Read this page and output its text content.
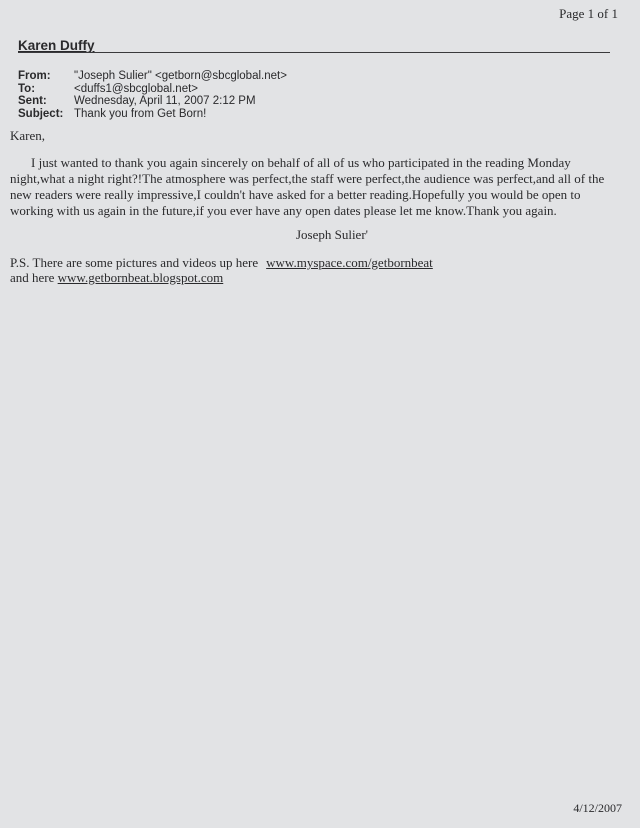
Page 1 of 1
Karen Duffy
From:	"Joseph Sulier" <getborn@sbcglobal.net>
To:	<duffs1@sbcglobal.net>
Sent:	Wednesday, April 11, 2007 2:12 PM
Subject: Thank you from Get Born!
Karen,

I just wanted to thank you again sincerely on behalf of all of us who participated in the reading Monday night,what a night right?!The atmosphere was perfect,the staff were perfect,the audience was perfect,and all of the new readers were really impressive,I couldn't have asked for a better reading.Hopefully you would be open to working with us again in the future,if you ever have any open dates please let me know.Thank you again.

Joseph Sulier'
P.S. There are some pictures and videos up here www.myspace.com/getbornbeat
and here www.getbornbeat.blogspot.com
4/12/2007
